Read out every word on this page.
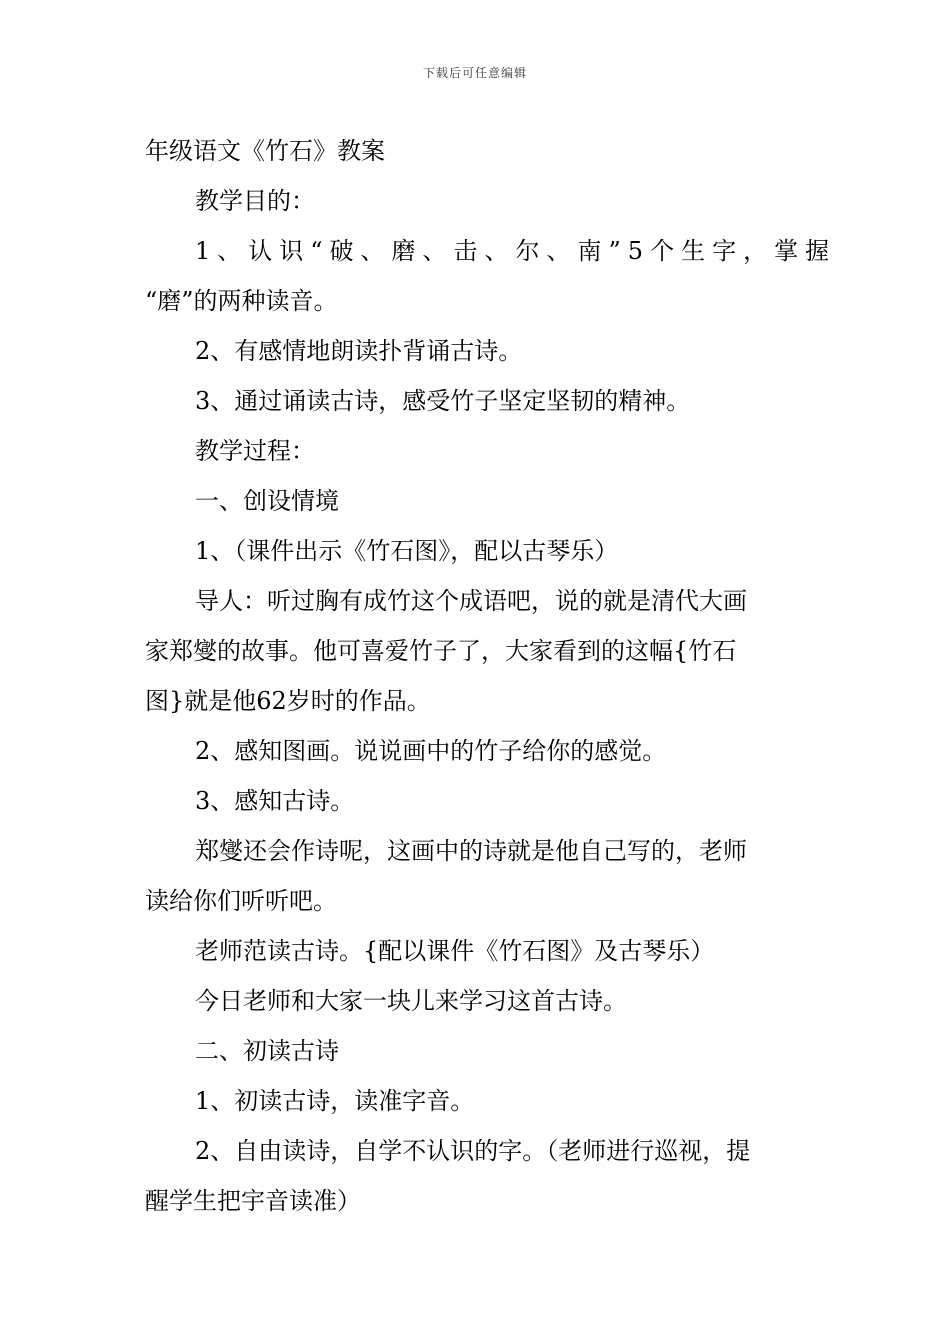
下载后可任意编辑
年级语文《竹石》教案
教学目的：
1、认识“破、磨、击、尔、南”5个生字，掌握
“磨”的两种读音。
2、有感情地朗读扑背诵古诗。
3、通过诵读古诗，感受竹子坚定坚韧的精神。
教学过程：
一、创设情境
1、（课件出示《竹石图》，配以古琴乐）
导人：听过胸有成竹这个成语吧，说的就是清代大画
家郑燮的故事。他可喜爱竹子了，大家看到的这幅{竹石
图}就是他62岁时的作品。
2、感知图画。说说画中的竹子给你的感觉。
3、感知古诗。
郑燮还会作诗呢，这画中的诗就是他自己写的，老师
读给你们听听吧。
老师范读古诗。{配以课件《竹石图》及古琴乐）
今日老师和大家一块儿来学习这首古诗。
二、初读古诗
1、初读古诗，读准字音。
2、自由读诗，自学不认识的字。（老师进行巡视，提
醒学生把宇音读准）
